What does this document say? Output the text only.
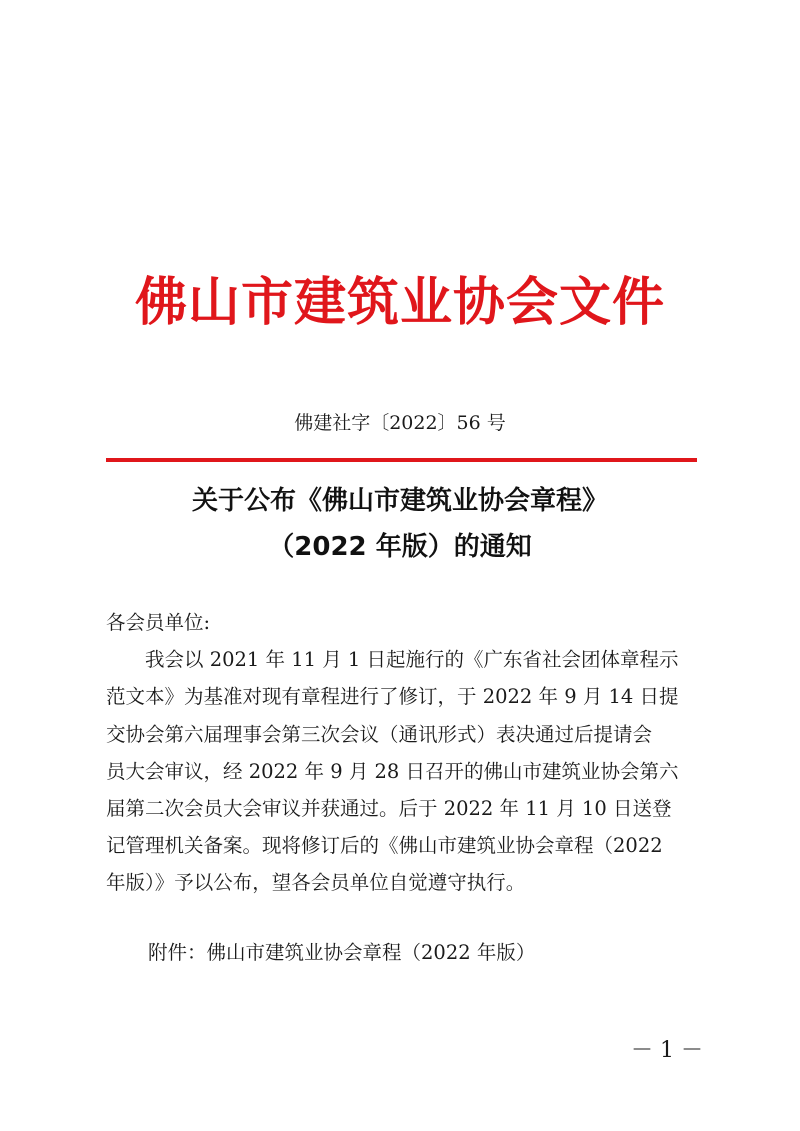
佛山市建筑业协会文件
佛建社字〔2022〕56 号
关于公布《佛山市建筑业协会章程》
（2022 年版）的通知
各会员单位:
　　我会以 2021 年 11 月 1 日起施行的《广东省社会团体章程示
范文本》为基准对现有章程进行了修订，于 2022 年 9 月 14 日提
交协会第六届理事会第三次会议（通讯形式）表决通过后提请会
员大会审议，经 2022 年 9 月 28 日召开的佛山市建筑业协会第六
届第二次会员大会审议并获通过。后于 2022 年 11 月 10 日送登
记管理机关备案。现将修订后的《佛山市建筑业协会章程（2022
年版）》予以公布，望各会员单位自觉遵守执行。
附件：佛山市建筑业协会章程（2022 年版）
－ 1 －
